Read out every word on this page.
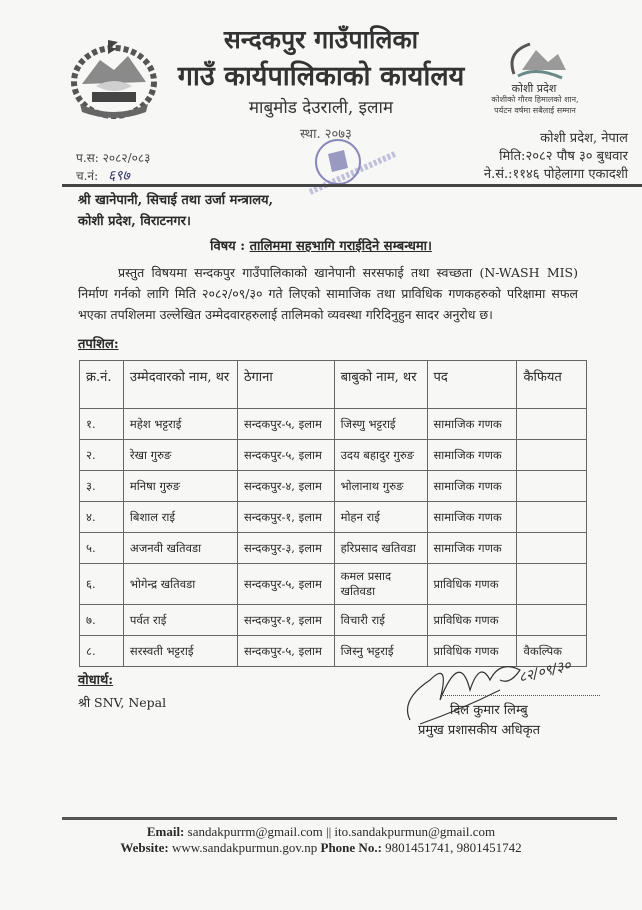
सन्दकपुर गाउँपालिका
गाउँ कार्यपालिकाको कार्यालय
माबुमोड देउराली, इलाम
स्था. २०७३
कोशी प्रदेश
कोशीको गौरव हिमालको शान,
पर्यटन वर्षमा सबैलाई सम्मान
कोशी प्रदेश, नेपाल
मिति:२०८२ पौष ३० बुधवार
ने.सं.:११४६ पोहेलागा एकादशी
प.स: २०८२/०८३
च.नं: ६९७
श्री खानेपानी, सिचाई तथा उर्जा मन्त्रालय,
कोशी प्रदेश, विराटनगर।
विषय : तालिममा सहभागि गराईदिने सम्बन्धमा।
प्रस्तुत विषयमा सन्दकपुर गाउँपालिकाको खानेपानी सरसफाई तथा स्वच्छता (N-WASH MIS) निर्माण गर्नको लागि मिति २०८२/०९/३० गते लिएको सामाजिक तथा प्राविधिक गणकहरुको परिक्षामा सफल भएका तपशिलमा उल्लेखित उम्मेदवारहरुलाई तालिमको व्यवस्था गरिदिनुहुन सादर अनुरोध छ।
तपशिल:
क्र.नं.	उम्मेदवारको नाम, थर	ठेगाना	बाबुको नाम, थर	पद	कैफियत
१.	महेश भट्टराई	सन्दकपुर-५, इलाम	जिस्णु भट्टराई	सामाजिक गणक	
२.	रेखा गुरुङ	सन्दकपुर-५, इलाम	उदय बहादुर गुरुङ	सामाजिक गणक	
३.	मनिषा गुरुङ	सन्दकपुर-४, इलाम	भोलानाथ गुरुङ	सामाजिक गणक	
४.	बिशाल राई	सन्दकपुर-१, इलाम	मोहन राई	सामाजिक गणक	
५.	अजनवी खतिवडा	सन्दकपुर-३, इलाम	हरिप्रसाद खतिवडा	सामाजिक गणक	
६.	भोगेन्द्र खतिवडा	सन्दकपुर-५, इलाम	कमल प्रसाद खतिवडा	प्राविधिक गणक	
७.	पर्वत राई	सन्दकपुर-१, इलाम	विचारी राई	प्राविधिक गणक	
८.	सरस्वती भट्टराई	सन्दकपुर-५, इलाम	जिस्नु भट्टराई	प्राविधिक गणक	वैकल्पिक
वोधार्थ:
श्री SNV, Nepal
८२/०९/३०
दिल कुमार लिम्बु
प्रमुख प्रशासकीय अधिकृत
Email: sandakpurrm@gmail.com || ito.sandakpurmun@gmail.com
Website: www.sandakpurmun.gov.np Phone No.: 9801451741, 9801451742
